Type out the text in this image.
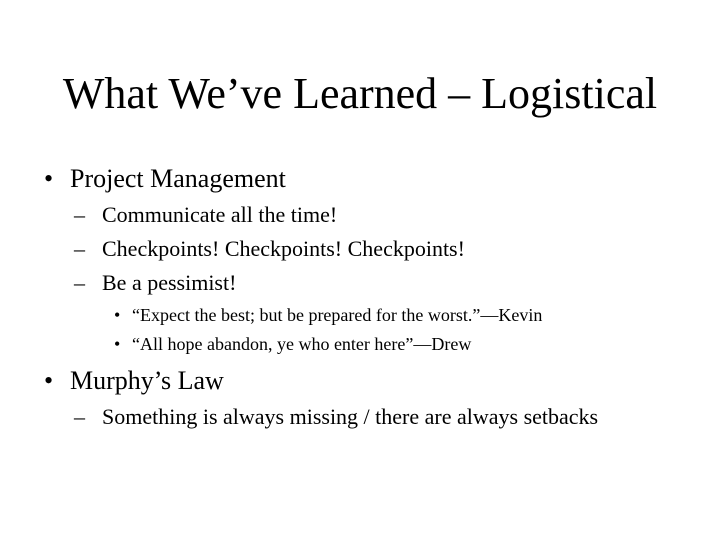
What We’ve Learned – Logistical
• Project Management
– Communicate all the time!
– Checkpoints! Checkpoints! Checkpoints!
– Be a pessimist!
• “Expect the best; but be prepared for the worst.”—Kevin
• “All hope abandon, ye who enter here”—Drew
• Murphy’s Law
– Something is always missing / there are always setbacks
